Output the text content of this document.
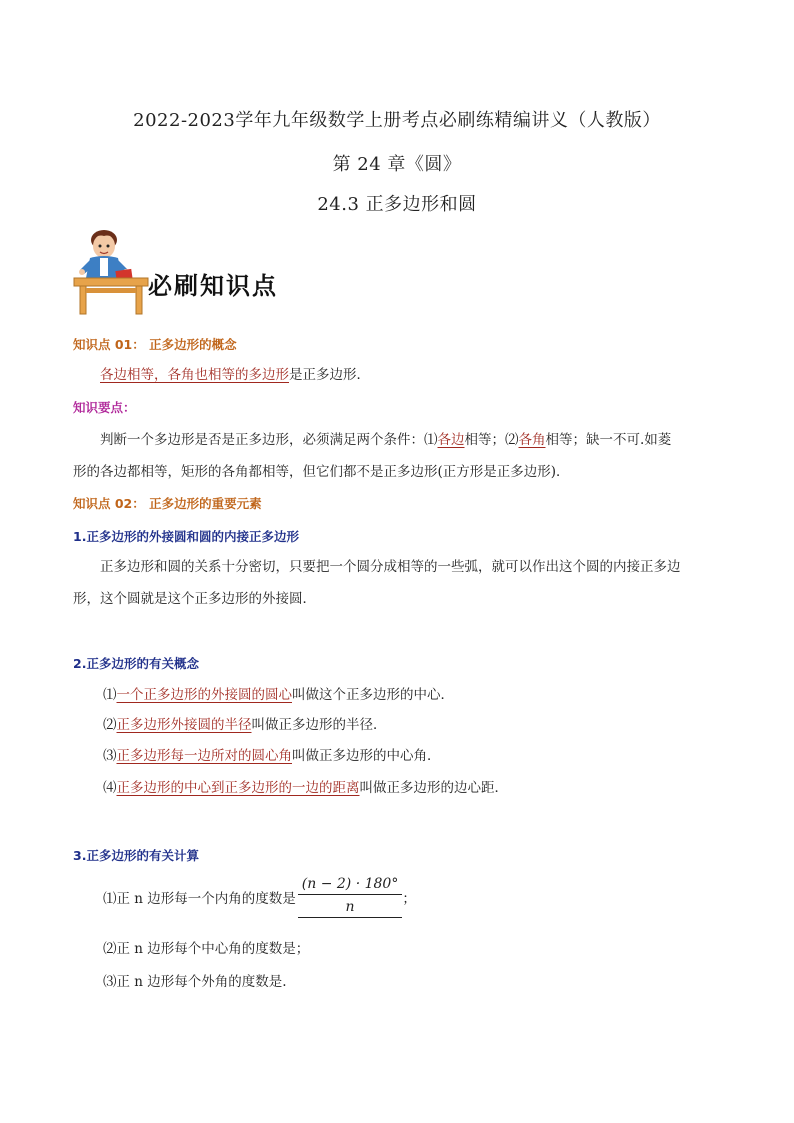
2022-2023学年九年级数学上册考点必刷练精编讲义（人教版）
第 24 章《圆》
24.3 正多边形和圆
必刷知识点
知识点 01： 正多边形的概念
各边相等，各角也相等的多边形是正多边形．
知识要点：
判断一个多边形是否是正多边形，必须满足两个条件：⑴各边相等；⑵各角相等；缺一不可.如菱
形的各边都相等，矩形的各角都相等，但它们都不是正多边形(正方形是正多边形)．
知识点 02： 正多边形的重要元素
1.正多边形的外接圆和圆的内接正多边形
正多边形和圆的关系十分密切，只要把一个圆分成相等的一些弧，就可以作出这个圆的内接正多边
形，这个圆就是这个正多边形的外接圆．
2.正多边形的有关概念
⑴一个正多边形的外接圆的圆心叫做这个正多边形的中心．
⑵正多边形外接圆的半径叫做正多边形的半径．
⑶正多边形每一边所对的圆心角叫做正多边形的中心角．
⑷正多边形的中心到正多边形的一边的距离叫做正多边形的边心距．
3.正多边形的有关计算
⑴正 n 边形每一个内角的度数是 $\frac{(n - 2) \cdot 180^\circ}{n}$ ；
⑵正 n 边形每个中心角的度数是；
⑶正 n 边形每个外角的度数是.
